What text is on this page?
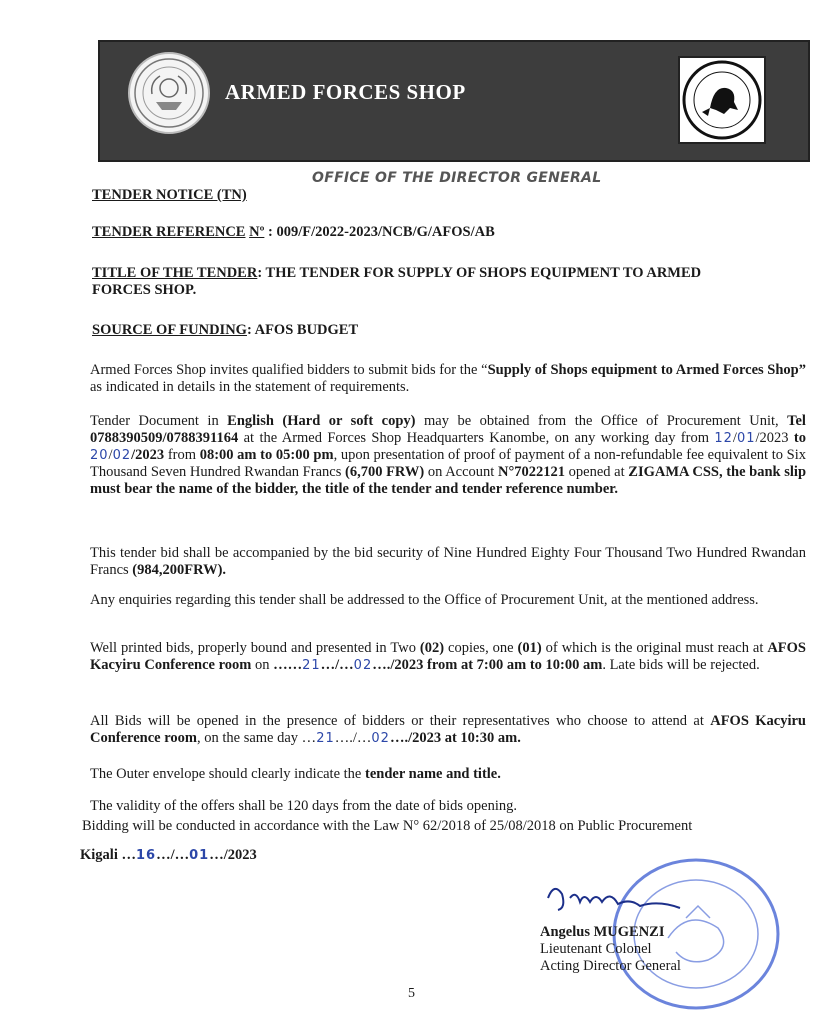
ARMED FORCES SHOP
OFFICE OF THE DIRECTOR GENERAL
TENDER NOTICE (TN)
TENDER REFERENCE Nº : 009/F/2022-2023/NCB/G/AFOS/AB
TITLE OF THE TENDER: THE TENDER FOR SUPPLY OF SHOPS EQUIPMENT TO ARMED
FORCES SHOP.
SOURCE OF FUNDING: AFOS BUDGET
Armed Forces Shop invites qualified bidders to submit bids for the “Supply of Shops equipment to Armed Forces Shop” as indicated in details in the statement of requirements.
Tender Document in English (Hard or soft copy) may be obtained from the Office of Procurement Unit, Tel 0788390509/0788391164 at the Armed Forces Shop Headquarters Kanombe, on any working day from 12/01/2023 to 20/02/2023 from 08:00 am to 05:00 pm, upon presentation of proof of payment of a non-refundable fee equivalent to Six Thousand Seven Hundred Rwandan Francs (6,700 FRW) on Account N°7022121 opened at ZIGAMA CSS, the bank slip must bear the name of the bidder, the title of the tender and tender reference number.
This tender bid shall be accompanied by the bid security of Nine Hundred Eighty Four Thousand Two Hundred Rwandan Francs (984,200FRW).
Any enquiries regarding this tender shall be addressed to the Office of Procurement Unit, at the mentioned address.
Well printed bids, properly bound and presented in Two (02) copies, one (01) of which is the original must reach at AFOS Kacyiru Conference room on ……21…/…02…./2023 from at 7:00 am to 10:00 am. Late bids will be rejected.
All Bids will be opened in the presence of bidders or their representatives who choose to attend at AFOS Kacyiru Conference room, on the same day …21…./…02…./2023 at 10:30 am.
The Outer envelope should clearly indicate the tender name and title.
The validity of the offers shall be 120 days from the date of bids opening.
Bidding will be conducted in accordance with the Law N° 62/2018 of 25/08/2018 on Public Procurement
Kigali …16…/…01…/2023
Angelus MUGENZI
Lieutenant Colonel
Acting Director General
5
